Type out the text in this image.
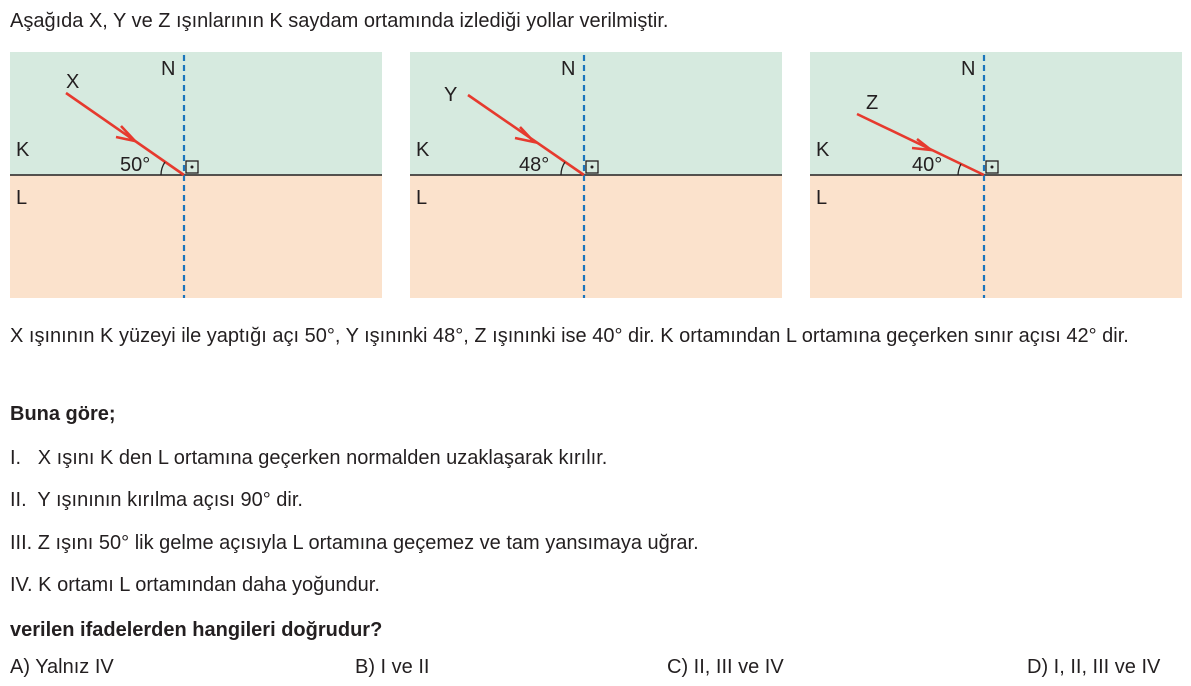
Aşağıda X, Y ve Z ışınlarının K saydam ortamında izlediği yollar verilmiştir.
50°
X
N
K
L
48°
Y
N
K
L
40°
Z
N
K
L
X ışınının K yüzeyi ile yaptığı açı 50°, Y ışınınki 48°, Z ışınınki ise 40° dir. K ortamından L ortamına geçerken sınır açısı 42° dir.
Buna göre;
I.   X ışını K den L ortamına geçerken normalden uzaklaşarak kırılır.
II.  Y ışınının kırılma açısı 90° dir.
III. Z ışını 50° lik gelme açısıyla L ortamına geçemez ve tam yansımaya uğrar.
IV. K ortamı L ortamından daha yoğundur.
verilen ifadelerden hangileri doğrudur?
A) Yalnız IV	B) I ve II	C) II, III ve IV	D) I, II, III ve IV
